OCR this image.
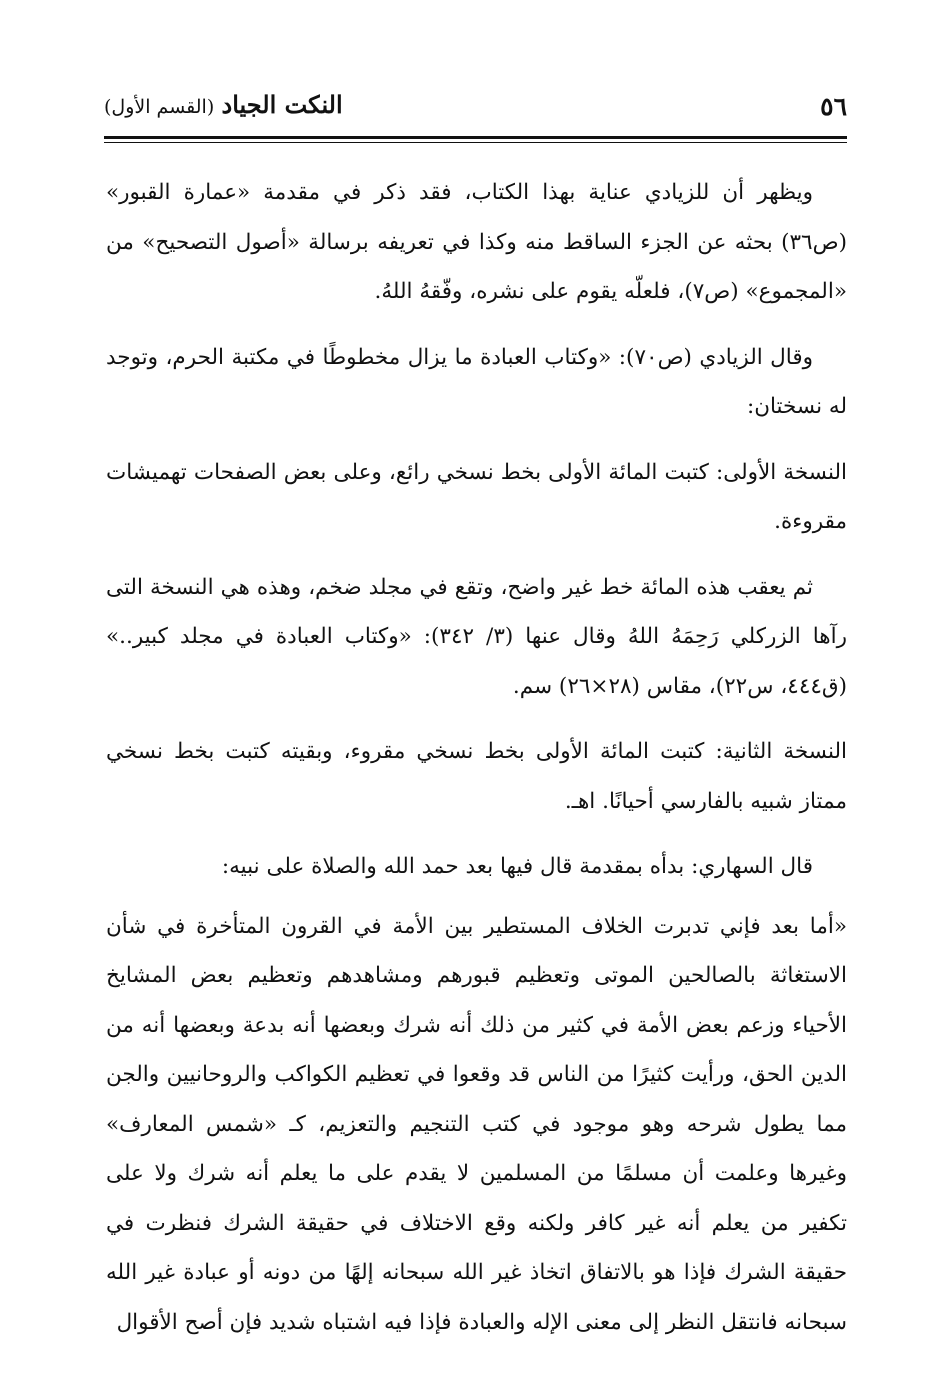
٥٦
النكت الجياد (القسم الأول)

ويظهر أن للزيادي عناية بهذا الكتاب، فقد ذكر في مقدمة «عمارة القبور» (ص٣٦) بحثه عن الجزء الساقط منه وكذا في تعريفه برسالة «أصول التصحيح» من «المجموع» (ص٧)، فلعلّه يقوم على نشره، وفّقهُ اللهُ.

وقال الزيادي (ص٧٠): «وكتاب العبادة ما يزال مخطوطًا في مكتبة الحرم، وتوجد له نسختان:

النسخة الأولى: كتبت المائة الأولى بخط نسخي رائع، وعلى بعض الصفحات تهميشات مقروءة.

ثم يعقب هذه المائة خط غير واضح، وتقع في مجلد ضخم، وهذه هي النسخة التى رآها الزركلي رَحِمَهُ اللهُ وقال عنها (٣/ ٣٤٢): «وكتاب العبادة في مجلد كبير..» (ق٤٤٤، س٢٢)، مقاس (٢٨×٢٦) سم.

النسخة الثانية: كتبت المائة الأولى بخط نسخي مقروء، وبقيته كتبت بخط نسخي ممتاز شبيه بالفارسي أحيانًا. اهـ.

قال السهاري: بدأه بمقدمة قال فيها بعد حمد الله والصلاة على نبيه:

«أما بعد فإني تدبرت الخلاف المستطير بين الأمة في القرون المتأخرة في شأن الاستغاثة بالصالحين الموتى وتعظيم قبورهم ومشاهدهم وتعظيم بعض المشايخ الأحياء وزعم بعض الأمة في كثير من ذلك أنه شرك وبعضها أنه بدعة وبعضها أنه من الدين الحق، ورأيت كثيرًا من الناس قد وقعوا في تعظيم الكواكب والروحانيين والجن مما يطول شرحه وهو موجود في كتب التنجيم والتعزيم، كـ «شمس المعارف» وغيرها وعلمت أن مسلمًا من المسلمين لا يقدم على ما يعلم أنه شرك ولا على تكفير من يعلم أنه غير كافر ولكنه وقع الاختلاف في حقيقة الشرك فنظرت في حقيقة الشرك فإذا هو بالاتفاق اتخاذ غير الله سبحانه إلهًا من دونه أو عبادة غير الله سبحانه فانتقل النظر إلى معنى الإله والعبادة فإذا فيه اشتباه شديد فإن أصح الأقوال
